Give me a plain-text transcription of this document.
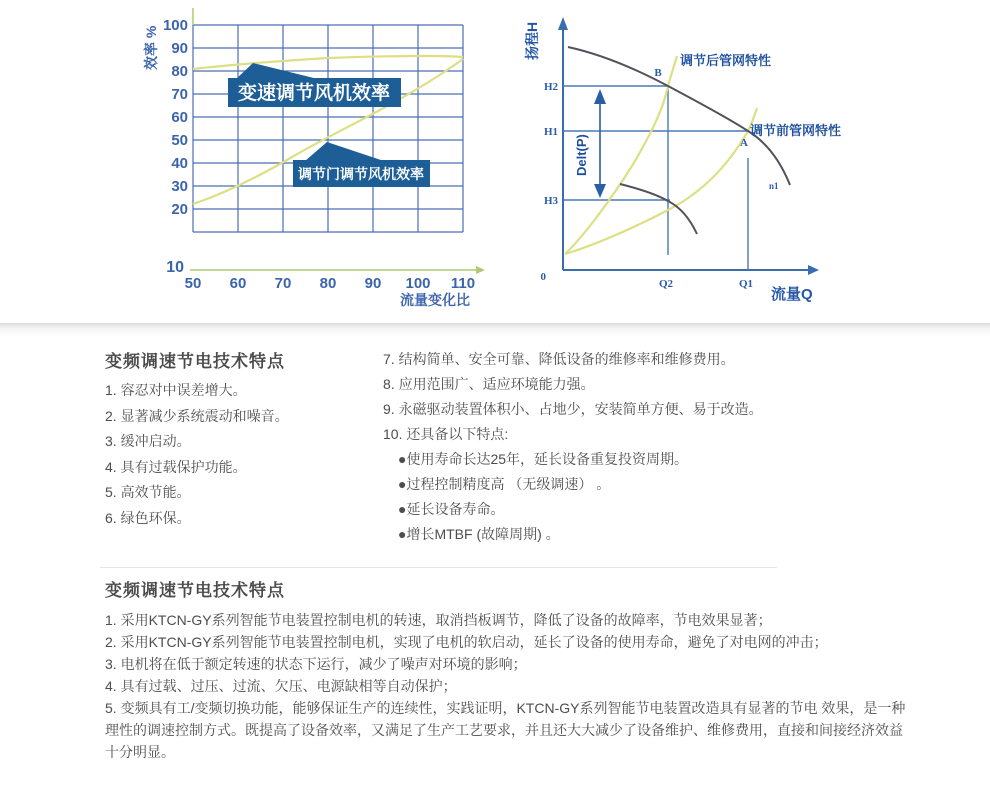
变速调节风机效率
调节门调节风机效率
100
90
80
70
60
50
40
30
20
10
50 60 70 80 90 100 110
流量变化比
效率 %
Delt(P)
H2
H1
H3
0
Q2	Q1
B
A
n1
调节后管网特性
调节前管网特性
流量Q
扬程H
变频调速节电技术特点
1. 容忍对中误差增大。
2. 显著减少系统震动和噪音。
3. 缓冲启动。
4. 具有过载保护功能。
5. 高效节能。
6. 绿色环保。
7. 结构简单、安全可靠、降低设备的维修率和维修费用。
8. 应用范围广、适应环境能力强。
9. 永磁驱动装置体积小、占地少，安装简单方便、易于改造。
10. 还具备以下特点:
●使用寿命长达25年，延长设备重复投资周期。
●过程控制精度高 （无级调速） 。
●延长设备寿命。
●增长MTBF (故障周期) 。
变频调速节电技术特点
1. 采用KTCN-GY系列智能节电装置控制电机的转速，取消挡板调节，降低了设备的故障率，节电效果显著；
2. 采用KTCN-GY系列智能节电装置控制电机，实现了电机的软启动，延长了设备的使用寿命，避免了对电网的冲击；
3. 电机将在低于额定转速的状态下运行，减少了噪声对环境的影响；
4. 具有过载、过压、过流、欠压、电源缺相等自动保护；
5. 变频具有工/变频切换功能，能够保证生产的连续性，实践证明，KTCN-GY系列智能节电装置改造具有显著的节电 效果，是一种理性的调速控制方式。既提高了设备效率，又满足了生产工艺要求，并且还大大减少了设备维护、维修费用，直接和间接经济效益十分明显。
